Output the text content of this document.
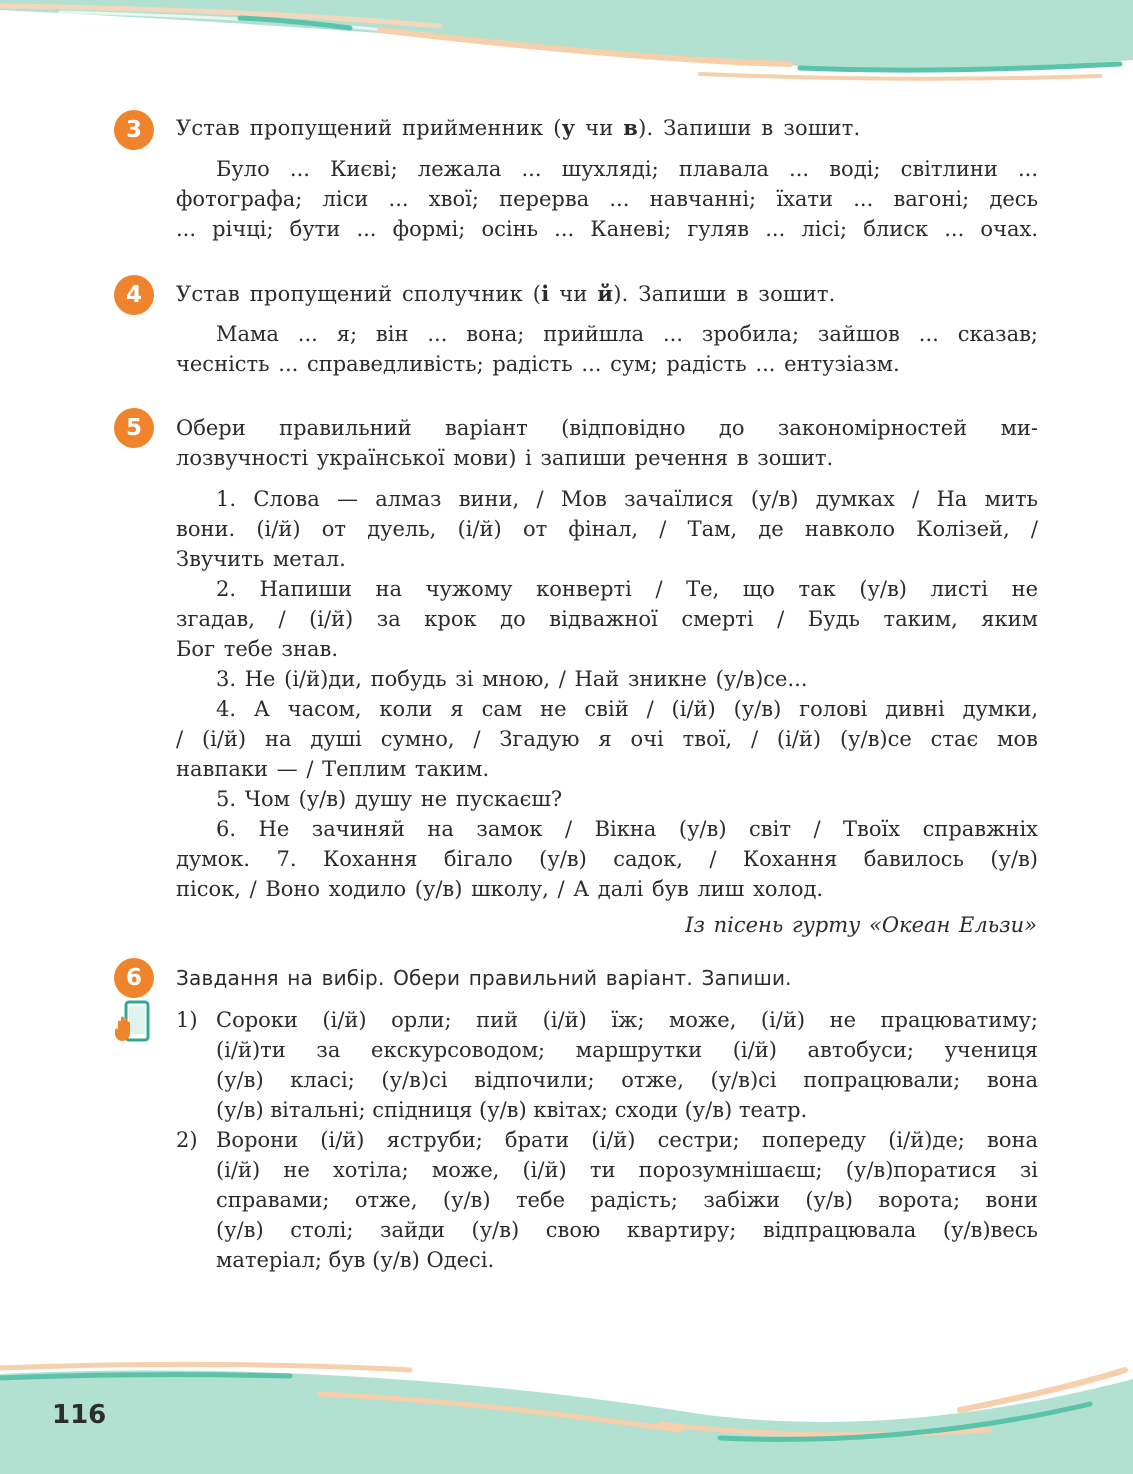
116
3	Устав пропущений прийменник (у чи в). Запиши в зошит.
Було ... Києві; лежала ... шухляді; плавала ... воді; світлини ...
фотографа; ліси ... хвої; перерва ... навчанні; їхати ... вагоні; десь
... річці; бути ... формі; осінь ... Каневі; гуляв ... лісі; блиск ... очах.
4	Устав пропущений сполучник (і чи й). Запиши в зошит.
Мама ... я; він ... вона; прийшла ... зробила; зайшов ... сказав;
чесність ... справедливість; радість ... сум; радість ... ентузіазм.
5	Обери правильний варіант (відповідно до закономірностей ми-
лозвучності української мови) і запиши речення в зошит.
1. Слова — алмаз вини, / Мов зачаїлися (у/в) думках / На мить
вони. (і/й) от дуель, (і/й) от фінал, / Там, де навколо Колізей, /
Звучить метал.
2. Напиши на чужому конверті / Те, що так (у/в) листі не
згадав, / (і/й) за крок до відважної смерті / Будь таким, яким
Бог тебе знав.
3. Не (і/й)ди, побудь зі мною, / Най зникне (у/в)се...
4. А часом, коли я сам не свій / (і/й) (у/в) голові дивні думки,
/ (і/й) на душі сумно, / Згадую я очі твої, / (і/й) (у/в)се стає мов
навпаки — / Теплим таким.
5. Чом (у/в) душу не пускаєш?
6. Не зачиняй на замок / Вікна (у/в) світ / Твоїх справжніх
думок. 7. Кохання бігало (у/в) садок, / Кохання бавилось (у/в)
пісок, / Воно ходило (у/в) школу, / А далі був лиш холод.
Із пісень гурту «Океан Ельзи»
6	Завдання на вибір. Обери правильний варіант. Запиши.
1) Сороки (і/й) орли; пий (і/й) їж; може, (і/й) не працюватиму;
(і/й)ти за екскурсоводом; маршрутки (і/й) автобуси; учениця
(у/в) класі; (у/в)сі відпочили; отже, (у/в)сі попрацювали; вона
(у/в) вітальні; спідниця (у/в) квітах; сходи (у/в) театр.
2) Ворони (і/й) яструби; брати (і/й) сестри; попереду (і/й)де; вона
(і/й) не хотіла; може, (і/й) ти порозумнішаєш; (у/в)поратися зі
справами; отже, (у/в) тебе радість; забіжи (у/в) ворота; вони
(у/в) столі; зайди (у/в) свою квартиру; відпрацювала (у/в)весь
матеріал; був (у/в) Одесі.
